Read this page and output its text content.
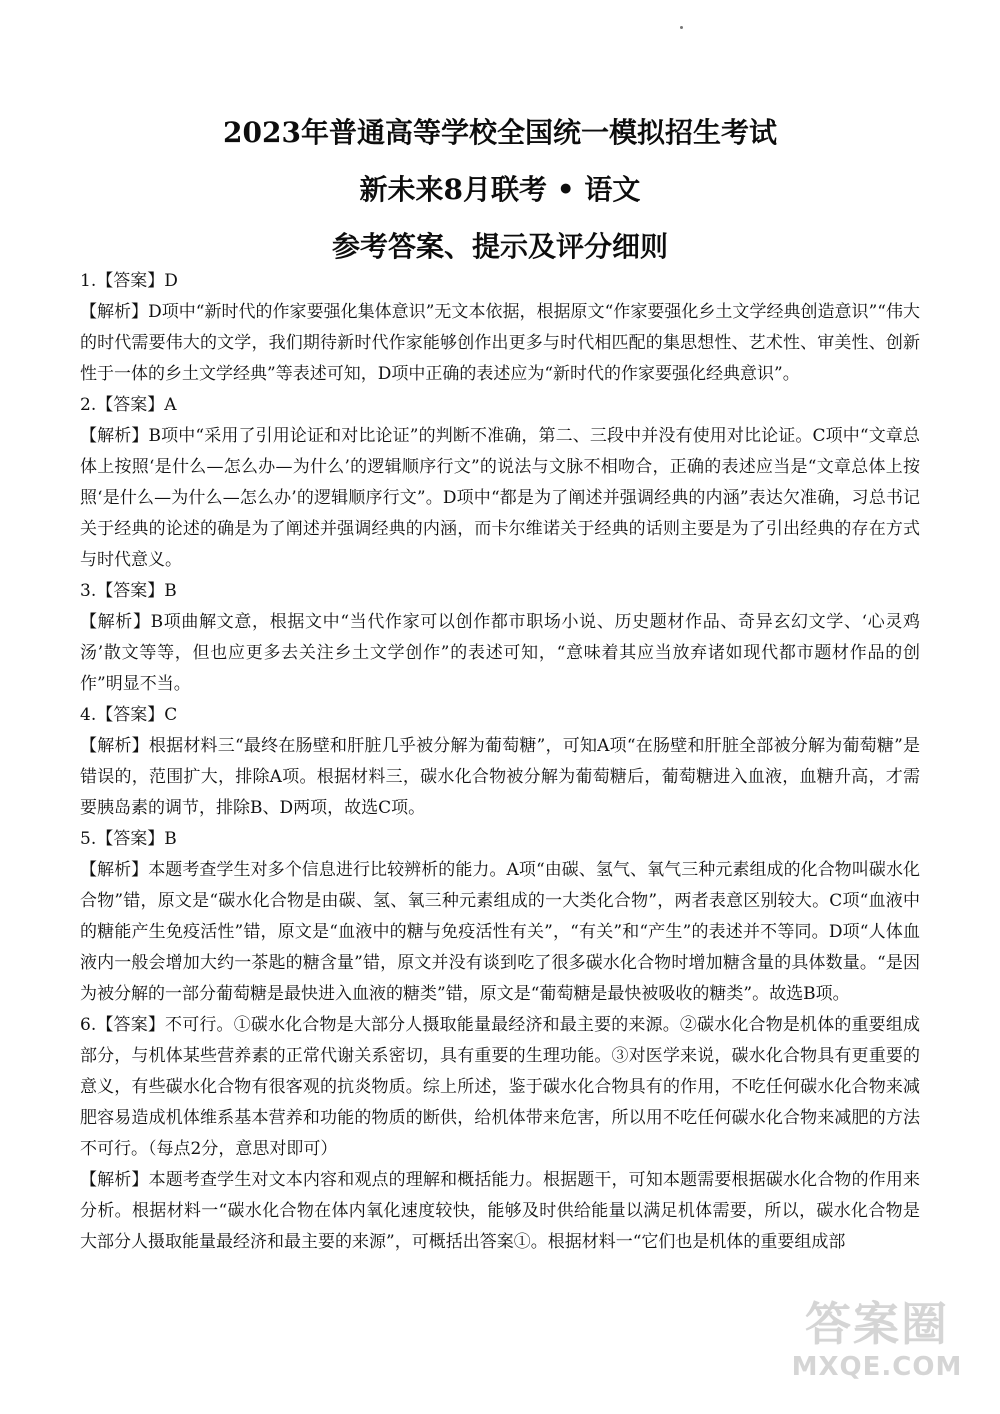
2023年普通高等学校全国统一模拟招生考试

新未来8月联考 • 语文

参考答案、提示及评分细则

1.【答案】D

【解析】D项中“新时代的作家要强化集体意识”无文本依据，根据原文“作家要强化乡土文学经典创造意识”“伟大的时代需要伟大的文学，我们期待新时代作家能够创作出更多与时代相匹配的集思想性、艺术性、审美性、创新性于一体的乡土文学经典”等表述可知，D项中正确的表述应为“新时代的作家要强化经典意识”。

2.【答案】A

【解析】B项中“采用了引用论证和对比论证”的判断不准确，第二、三段中并没有使用对比论证。C项中“文章总体上按照‘是什么—怎么办—为什么’的逻辑顺序行文”的说法与文脉不相吻合，正确的表述应当是“文章总体上按照‘是什么—为什么—怎么办’的逻辑顺序行文”。D项中“都是为了阐述并强调经典的内涵”表达欠准确，习总书记关于经典的论述的确是为了阐述并强调经典的内涵，而卡尔维诺关于经典的话则主要是为了引出经典的存在方式与时代意义。

3.【答案】B

【解析】B项曲解文意，根据文中“当代作家可以创作都市职场小说、历史题材作品、奇异玄幻文学、‘心灵鸡汤’散文等等，但也应更多去关注乡土文学创作”的表述可知，“意味着其应当放弃诸如现代都市题材作品的创作”明显不当。

4.【答案】C

【解析】根据材料三“最终在肠壁和肝脏几乎被分解为葡萄糖”，可知A项“在肠壁和肝脏全部被分解为葡萄糖”是错误的，范围扩大，排除A项。根据材料三，碳水化合物被分解为葡萄糖后，葡萄糖进入血液，血糖升高，才需要胰岛素的调节，排除B、D两项，故选C项。

5.【答案】B

【解析】本题考查学生对多个信息进行比较辨析的能力。A项“由碳、氢气、氧气三种元素组成的化合物叫碳水化合物”错，原文是“碳水化合物是由碳、氢、氧三种元素组成的一大类化合物”，两者表意区别较大。C项“血液中的糖能产生免疫活性”错，原文是“血液中的糖与免疫活性有关”，“有关”和“产生”的表述并不等同。D项“人体血液内一般会增加大约一茶匙的糖含量”错，原文并没有谈到吃了很多碳水化合物时增加糖含量的具体数量。“是因为被分解的一部分葡萄糖是最快进入血液的糖类”错，原文是“葡萄糖是最快被吸收的糖类”。故选B项。

6.【答案】不可行。①碳水化合物是大部分人摄取能量最经济和最主要的来源。②碳水化合物是机体的重要组成部分，与机体某些营养素的正常代谢关系密切，具有重要的生理功能。③对医学来说，碳水化合物具有更重要的意义，有些碳水化合物有很客观的抗炎物质。综上所述，鉴于碳水化合物具有的作用，不吃任何碳水化合物来减肥容易造成机体维系基本营养和功能的物质的断供，给机体带来危害，所以用不吃任何碳水化合物来减肥的方法不可行。（每点2分，意思对即可）

【解析】本题考查学生对文本内容和观点的理解和概括能力。根据题干，可知本题需要根据碳水化合物的作用来分析。根据材料一“碳水化合物在体内氧化速度较快，能够及时供给能量以满足机体需要，所以，碳水化合物是大部分人摄取能量最经济和最主要的来源”，可概括出答案①。根据材料一“它们也是机体的重要组成部

答案圈
MXQE.COM
